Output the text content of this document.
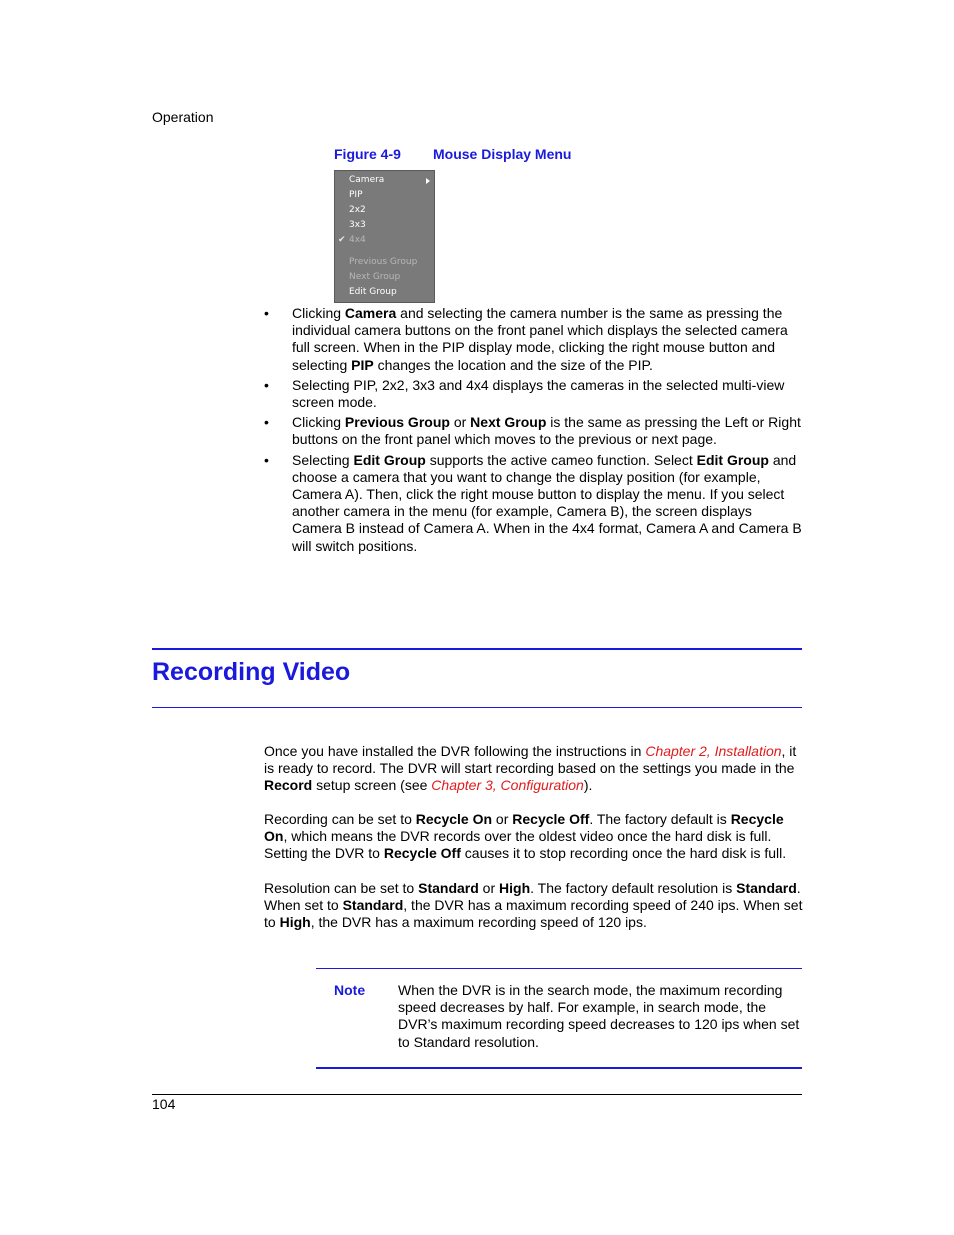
Operation
Figure 4-9 Mouse Display Menu
Camera
PIP
2x2
3x3
✔ 4x4
Previous Group
Next Group
Edit Group
• Clicking Camera and selecting the camera number is the same as pressing the individual camera buttons on the front panel which displays the selected camera full screen. When in the PIP display mode, clicking the right mouse button and selecting PIP changes the location and the size of the PIP.
• Selecting PIP, 2x2, 3x3 and 4x4 displays the cameras in the selected multi-view screen mode.
• Clicking Previous Group or Next Group is the same as pressing the Left or Right buttons on the front panel which moves to the previous or next page.
• Selecting Edit Group supports the active cameo function. Select Edit Group and choose a camera that you want to change the display position (for example, Camera A). Then, click the right mouse button to display the menu. If you select another camera in the menu (for example, Camera B), the screen displays Camera B instead of Camera A. When in the 4x4 format, Camera A and Camera B will switch positions.
Recording Video
Once you have installed the DVR following the instructions in Chapter 2, Installation, it is ready to record. The DVR will start recording based on the settings you made in the Record setup screen (see Chapter 3, Configuration).
Recording can be set to Recycle On or Recycle Off. The factory default is Recycle On, which means the DVR records over the oldest video once the hard disk is full. Setting the DVR to Recycle Off causes it to stop recording once the hard disk is full.
Resolution can be set to Standard or High. The factory default resolution is Standard. When set to Standard, the DVR has a maximum recording speed of 240 ips. When set to High, the DVR has a maximum recording speed of 120 ips.
Note When the DVR is in the search mode, the maximum recording speed decreases by half. For example, in search mode, the DVR’s maximum recording speed decreases to 120 ips when set to Standard resolution.
104
